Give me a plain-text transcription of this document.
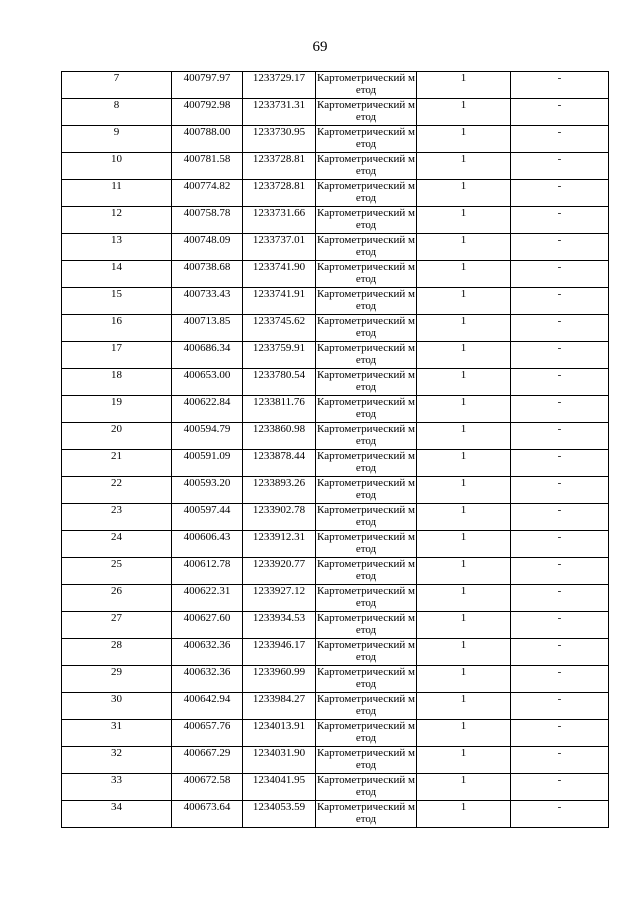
69
7	400797.97	1233729.17	Картометрический метод	1	-
8	400792.98	1233731.31	Картометрический метод	1	-
9	400788.00	1233730.95	Картометрический метод	1	-
10	400781.58	1233728.81	Картометрический метод	1	-
11	400774.82	1233728.81	Картометрический метод	1	-
12	400758.78	1233731.66	Картометрический метод	1	-
13	400748.09	1233737.01	Картометрический метод	1	-
14	400738.68	1233741.90	Картометрический метод	1	-
15	400733.43	1233741.91	Картометрический метод	1	-
16	400713.85	1233745.62	Картометрический метод	1	-
17	400686.34	1233759.91	Картометрический метод	1	-
18	400653.00	1233780.54	Картометрический метод	1	-
19	400622.84	1233811.76	Картометрический метод	1	-
20	400594.79	1233860.98	Картометрический метод	1	-
21	400591.09	1233878.44	Картометрический метод	1	-
22	400593.20	1233893.26	Картометрический метод	1	-
23	400597.44	1233902.78	Картометрический метод	1	-
24	400606.43	1233912.31	Картометрический метод	1	-
25	400612.78	1233920.77	Картометрический метод	1	-
26	400622.31	1233927.12	Картометрический метод	1	-
27	400627.60	1233934.53	Картометрический метод	1	-
28	400632.36	1233946.17	Картометрический метод	1	-
29	400632.36	1233960.99	Картометрический метод	1	-
30	400642.94	1233984.27	Картометрический метод	1	-
31	400657.76	1234013.91	Картометрический метод	1	-
32	400667.29	1234031.90	Картометрический метод	1	-
33	400672.58	1234041.95	Картометрический метод	1	-
34	400673.64	1234053.59	Картометрический метод	1	-
